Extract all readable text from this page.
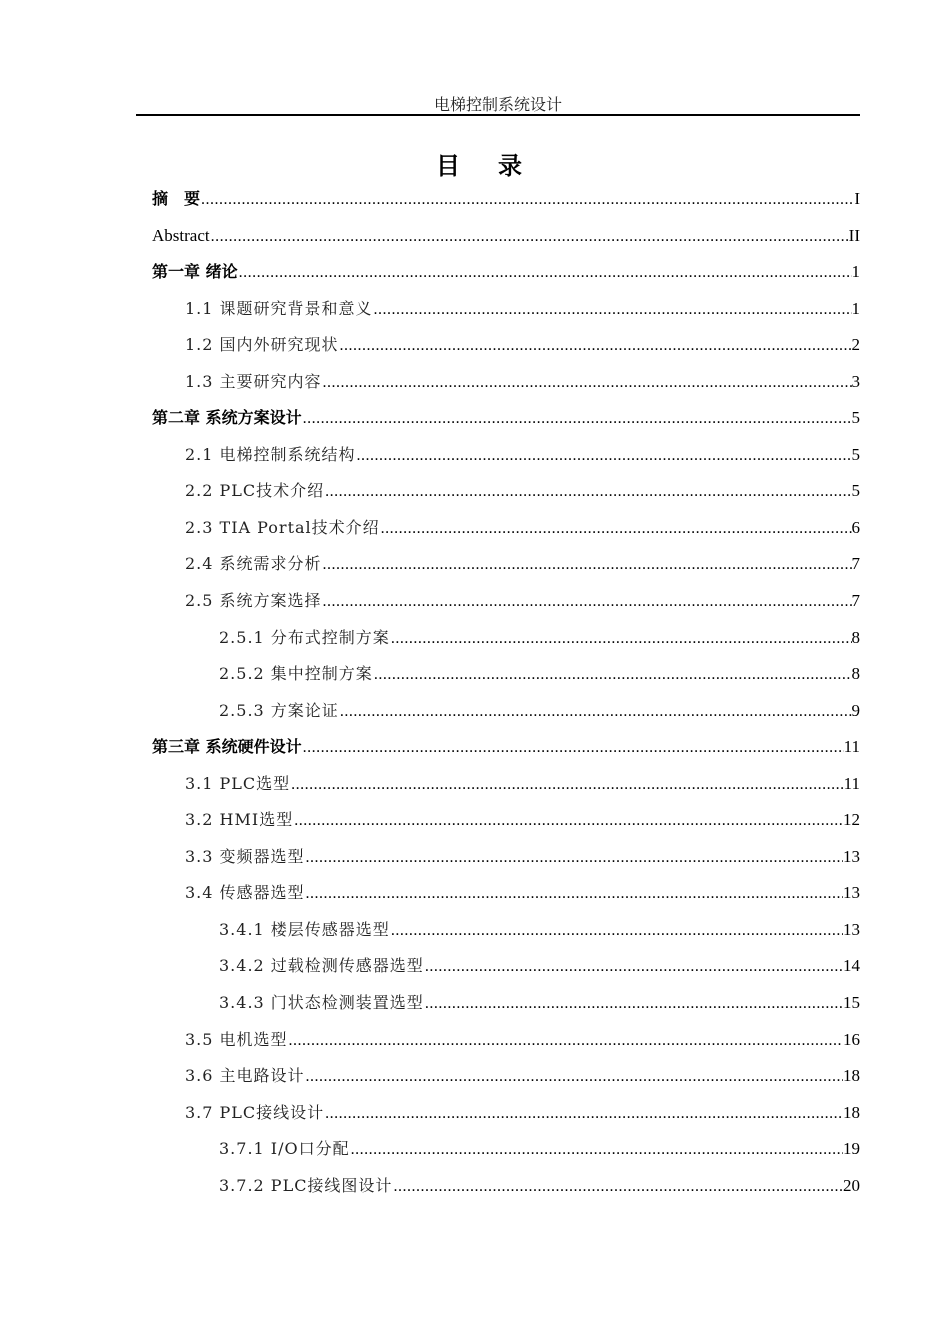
电梯控制系统设计
目录
摘　要 .....	I
Abstract .....	II
第一章 绪论 .....	1
1.1 课题研究背景和意义 .....	1
1.2 国内外研究现状 .....	2
1.3 主要研究内容 .....	3
第二章 系统方案设计 .....	5
2.1 电梯控制系统结构 .....	5
2.2 PLC技术介绍 .....	5
2.3 TIA Portal技术介绍 .....	6
2.4 系统需求分析 .....	7
2.5 系统方案选择 .....	7
2.5.1 分布式控制方案 .....	8
2.5.2 集中控制方案 .....	8
2.5.3 方案论证 .....	9
第三章 系统硬件设计 .....	11
3.1 PLC选型 .....	11
3.2 HMI选型 .....	12
3.3 变频器选型 .....	13
3.4 传感器选型 .....	13
3.4.1 楼层传感器选型 .....	13
3.4.2 过载检测传感器选型 .....	14
3.4.3 门状态检测装置选型 .....	15
3.5 电机选型 .....	16
3.6 主电路设计 .....	18
3.7 PLC接线设计 .....	18
3.7.1 I/O口分配 .....	19
3.7.2 PLC接线图设计 .....	20
